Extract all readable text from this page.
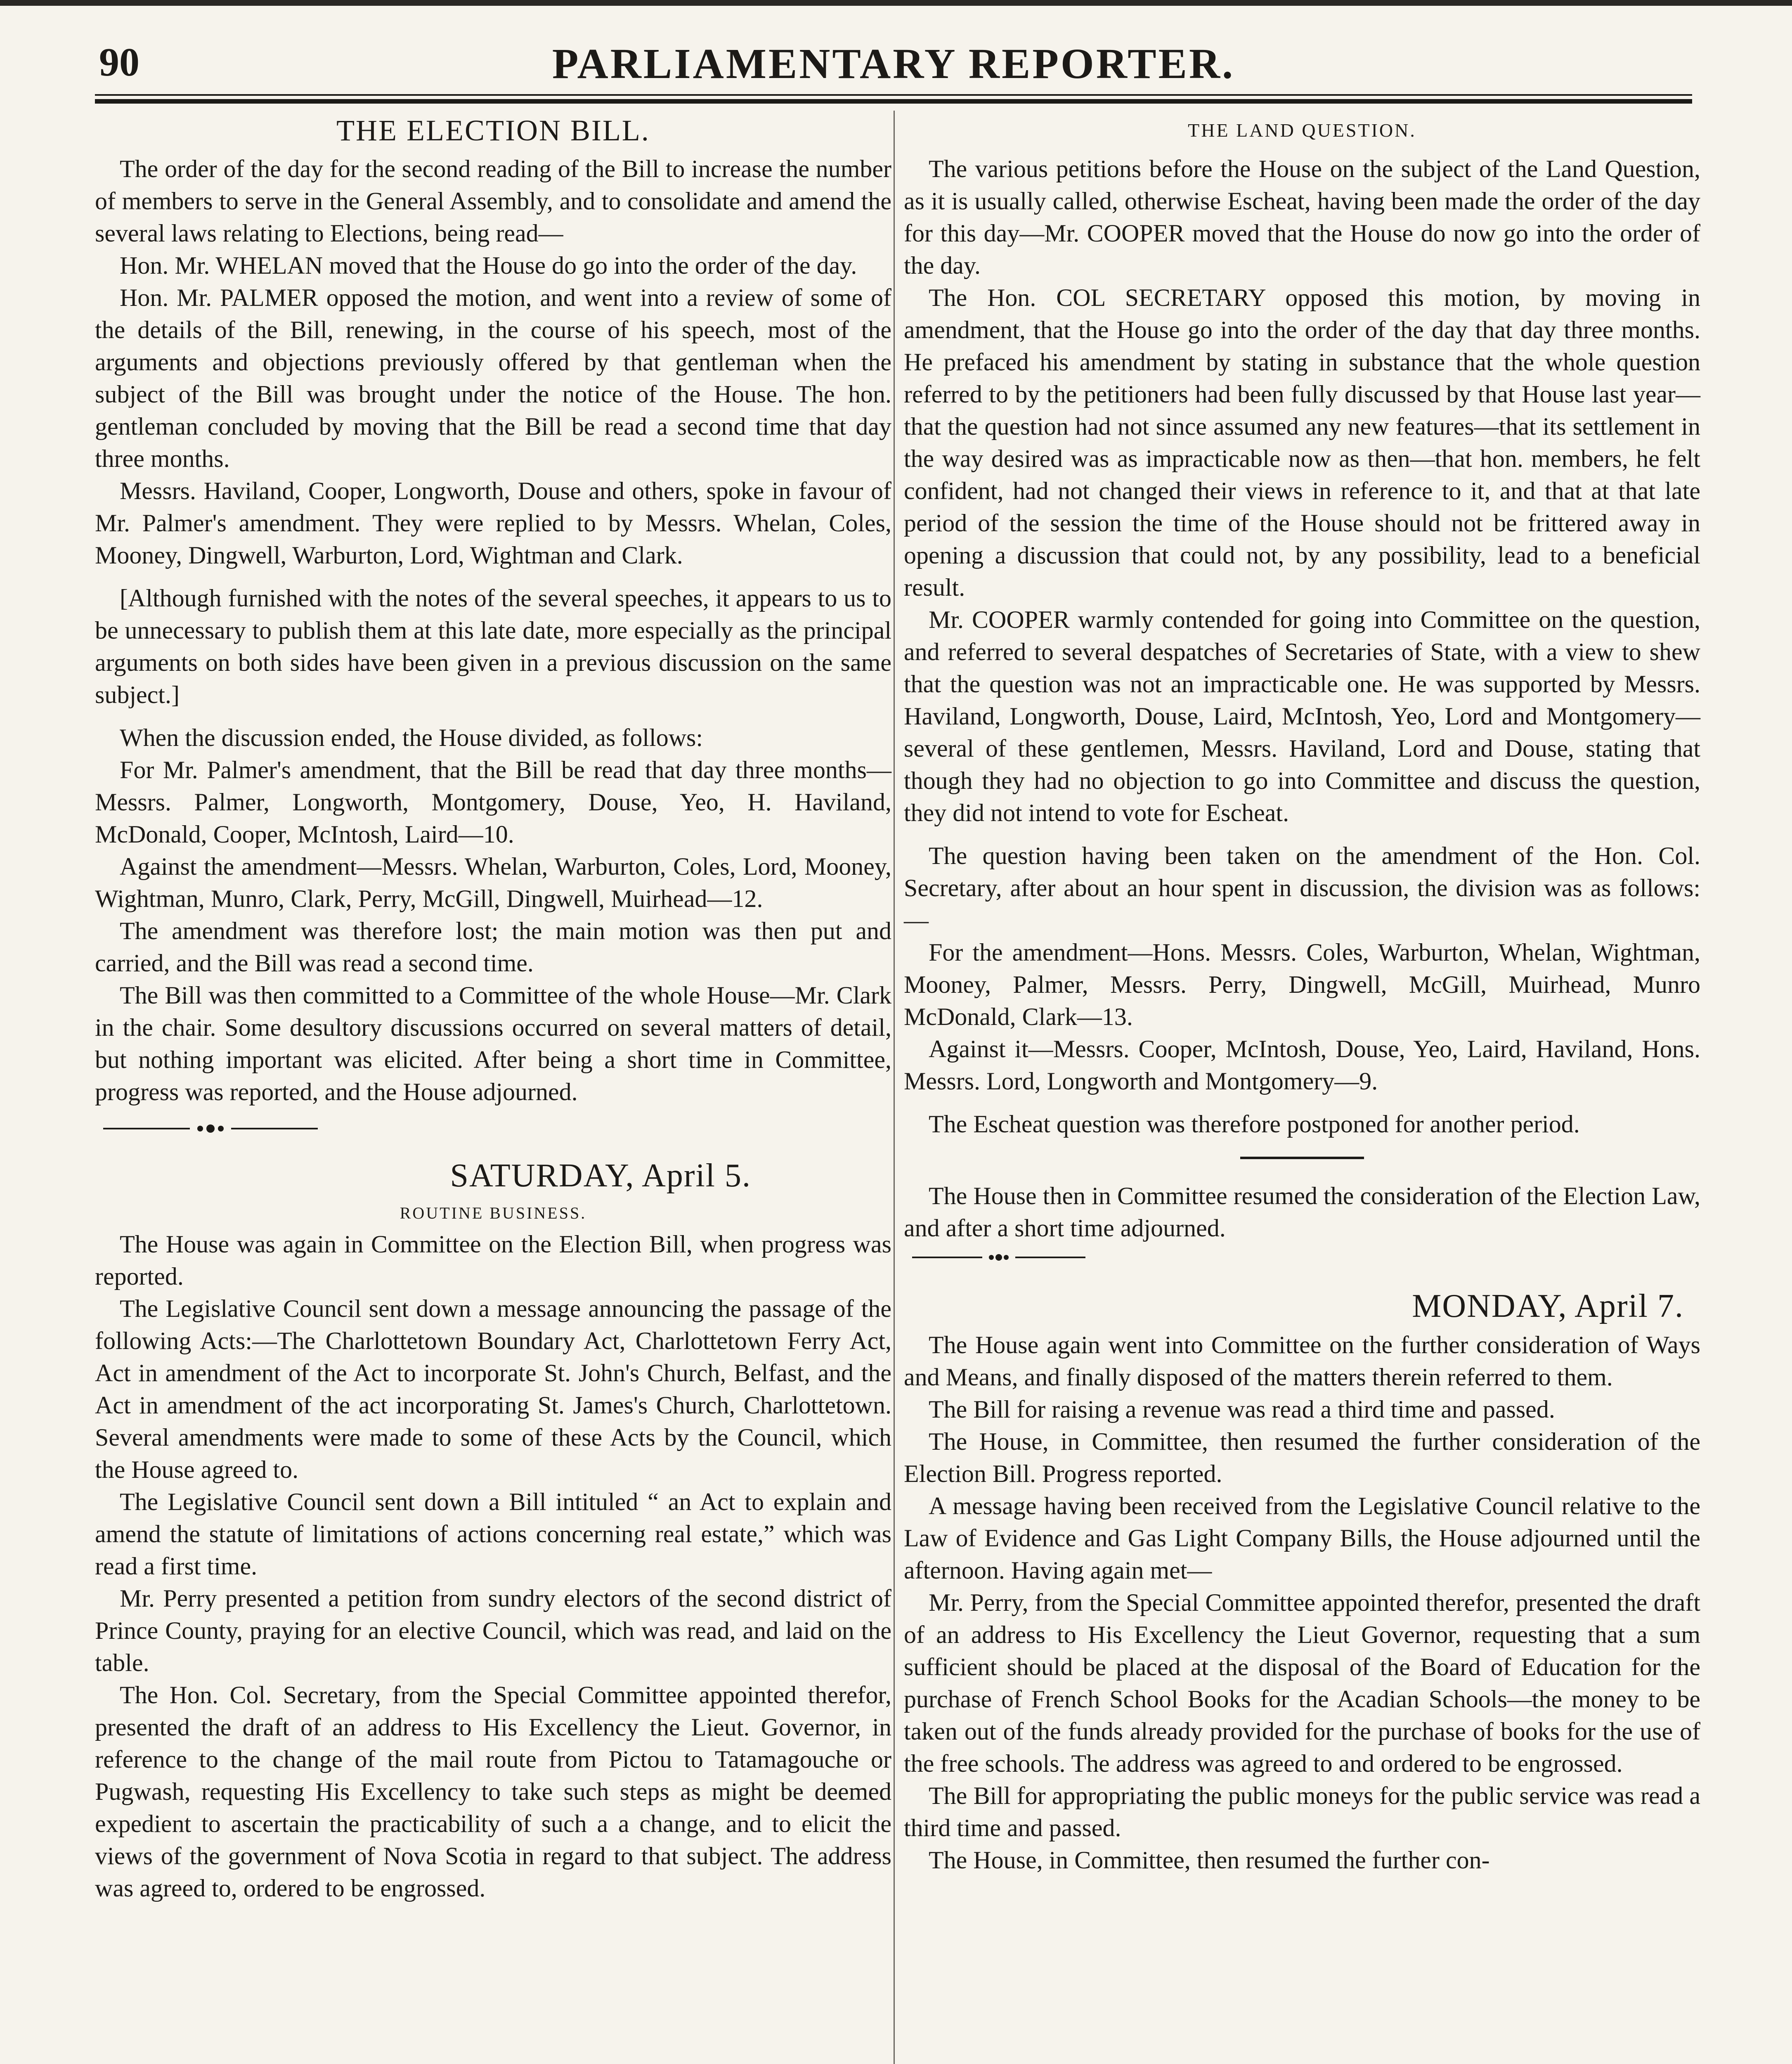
90	PARLIAMENTARY REPORTER.
THE ELECTION BILL.

The order of the day for the second reading of the Bill to increase the number of members to serve in the General Assembly, and to consolidate and amend the several laws relating to Elections, being read—

Hon. Mr. WHELAN moved that the House do go into the order of the day.

Hon. Mr. PALMER opposed the motion, and went into a review of some of the details of the Bill, renewing, in the course of his speech, most of the arguments and objections previously offered by that gentleman when the subject of the Bill was brought under the notice of the House. The hon. gentleman concluded by moving that the Bill be read a second time that day three months.

Messrs. Haviland, Cooper, Longworth, Douse and others, spoke in favour of Mr. Palmer's amendment. They were replied to by Messrs. Whelan, Coles, Mooney, Dingwell, Warburton, Lord, Wightman and Clark.

[Although furnished with the notes of the several speeches, it appears to us to be unnecessary to publish them at this late date, more especially as the principal arguments on both sides have been given in a previous discussion on the same subject.]

When the discussion ended, the House divided, as follows:

For Mr. Palmer's amendment, that the Bill be read that day three months—Messrs. Palmer, Longworth, Montgomery, Douse, Yeo, H. Haviland, McDonald, Cooper, McIntosh, Laird—10.

Against the amendment—Messrs. Whelan, Warburton, Coles, Lord, Mooney, Wightman, Munro, Clark, Perry, McGill, Dingwell, Muirhead—12.

The amendment was therefore lost; the main motion was then put and carried, and the Bill was read a second time.

The Bill was then committed to a Committee of the whole House—Mr. Clark in the chair. Some desultory discussions occurred on several matters of detail, but nothing important was elicited. After being a short time in Committee, progress was reported, and the House adjourned.

SATURDAY, April 5.
ROUTINE BUSINESS.

The House was again in Committee on the Election Bill, when progress was reported.

The Legislative Council sent down a message announcing the passage of the following Acts:—The Charlottetown Boundary Act, Charlottetown Ferry Act, Act in amendment of the Act to incorporate St. John's Church, Belfast, and the Act in amendment of the act incorporating St. James's Church, Charlottetown. Several amendments were made to some of these Acts by the Council, which the House agreed to.

The Legislative Council sent down a Bill intituled “ an Act to explain and amend the statute of limitations of actions concerning real estate,” which was read a first time.

Mr. Perry presented a petition from sundry electors of the second district of Prince County, praying for an elective Council, which was read, and laid on the table.

The Hon. Col. Secretary, from the Special Committee appointed therefor, presented the draft of an address to His Excellency the Lieut. Governor, in reference to the change of the mail route from Pictou to Tatamagouche or Pugwash, requesting His Excellency to take such steps as might be deemed expedient to ascertain the practicability of such a a change, and to elicit the views of the government of Nova Scotia in regard to that subject. The address was agreed to, ordered to be engrossed.

THE LAND QUESTION.

The various petitions before the House on the subject of the Land Question, as it is usually called, otherwise Escheat, having been made the order of the day for this day—Mr. COOPER moved that the House do now go into the order of the day.

The Hon. COL SECRETARY opposed this motion, by moving in amendment, that the House go into the order of the day that day three months. He prefaced his amendment by stating in substance that the whole question referred to by the petitioners had been fully discussed by that House last year—that the question had not since assumed any new features—that its settlement in the way desired was as impracticable now as then—that hon. members, he felt confident, had not changed their views in reference to it, and that at that late period of the session the time of the House should not be frittered away in opening a discussion that could not, by any possibility, lead to a beneficial result.

Mr. COOPER warmly contended for going into Committee on the question, and referred to several despatches of Secretaries of State, with a view to shew that the question was not an impracticable one. He was supported by Messrs. Haviland, Longworth, Douse, Laird, McIntosh, Yeo, Lord and Montgomery—several of these gentlemen, Messrs. Haviland, Lord and Douse, stating that though they had no objection to go into Committee and discuss the question, they did not intend to vote for Escheat.

The question having been taken on the amendment of the Hon. Col. Secretary, after about an hour spent in discussion, the division was as follows:—

For the amendment—Hons. Messrs. Coles, Warburton, Whelan, Wightman, Mooney, Palmer, Messrs. Perry, Dingwell, McGill, Muirhead, Munro McDonald, Clark—13.

Against it—Messrs. Cooper, McIntosh, Douse, Yeo, Laird, Haviland, Hons. Messrs. Lord, Longworth and Montgomery—9.

The Escheat question was therefore postponed for another period.

The House then in Committee resumed the consideration of the Election Law, and after a short time adjourned.

MONDAY, April 7.

The House again went into Committee on the further consideration of Ways and Means, and finally disposed of the matters therein referred to them.

The Bill for raising a revenue was read a third time and passed.

The House, in Committee, then resumed the further consideration of the Election Bill. Progress reported.

A message having been received from the Legislative Council relative to the Law of Evidence and Gas Light Company Bills, the House adjourned until the afternoon. Having again met—

Mr. Perry, from the Special Committee appointed therefor, presented the draft of an address to His Excellency the Lieut Governor, requesting that a sum sufficient should be placed at the disposal of the Board of Education for the purchase of French School Books for the Acadian Schools—the money to be taken out of the funds already provided for the purchase of books for the use of the free schools. The address was agreed to and ordered to be engrossed.

The Bill for appropriating the public moneys for the public service was read a third time and passed.

The House, in Committee, then resumed the further con-
